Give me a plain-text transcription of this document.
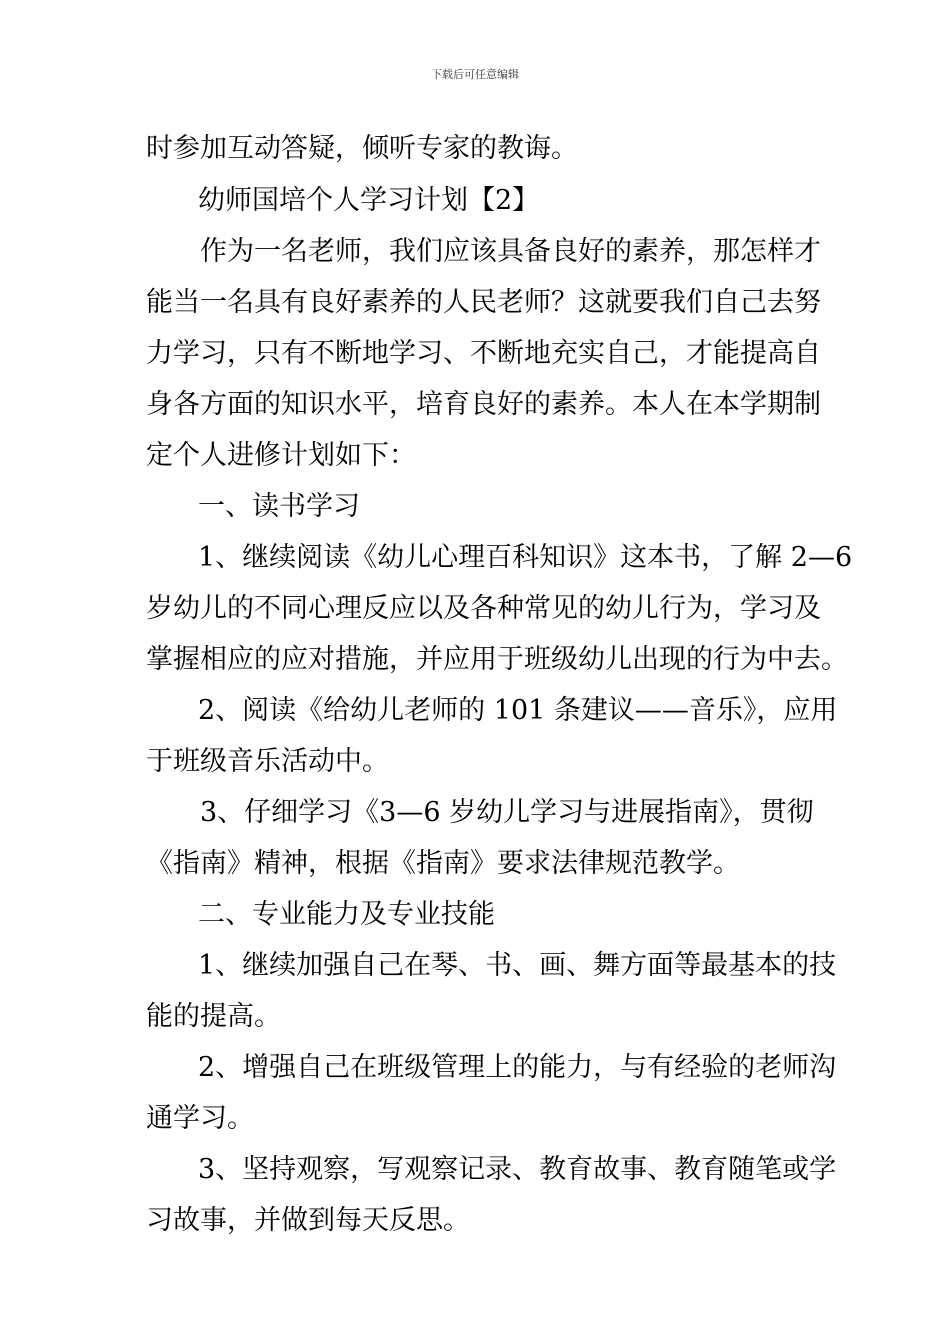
下载后可任意编辑
时参加互动答疑，倾听专家的教诲。
幼师国培个人学习计划【2】
作为一名老师，我们应该具备良好的素养，那怎样才
能当一名具有良好素养的人民老师？这就要我们自己去努
力学习，只有不断地学习、不断地充实自己，才能提高自
身各方面的知识水平，培育良好的素养。本人在本学期制
定个人进修计划如下：
一、读书学习
1、继续阅读《幼儿心理百科知识》这本书，了解 2—6
岁幼儿的不同心理反应以及各种常见的幼儿行为，学习及
掌握相应的应对措施，并应用于班级幼儿出现的行为中去。
2、阅读《给幼儿老师的 101 条建议——音乐》，应用
于班级音乐活动中。
3、仔细学习《3—6 岁幼儿学习与进展指南》，贯彻
《指南》精神，根据《指南》要求法律规范教学。
二、专业能力及专业技能
1、继续加强自己在琴、书、画、舞方面等最基本的技
能的提高。
2、增强自己在班级管理上的能力，与有经验的老师沟
通学习。
3、坚持观察，写观察记录、教育故事、教育随笔或学
习故事，并做到每天反思。
